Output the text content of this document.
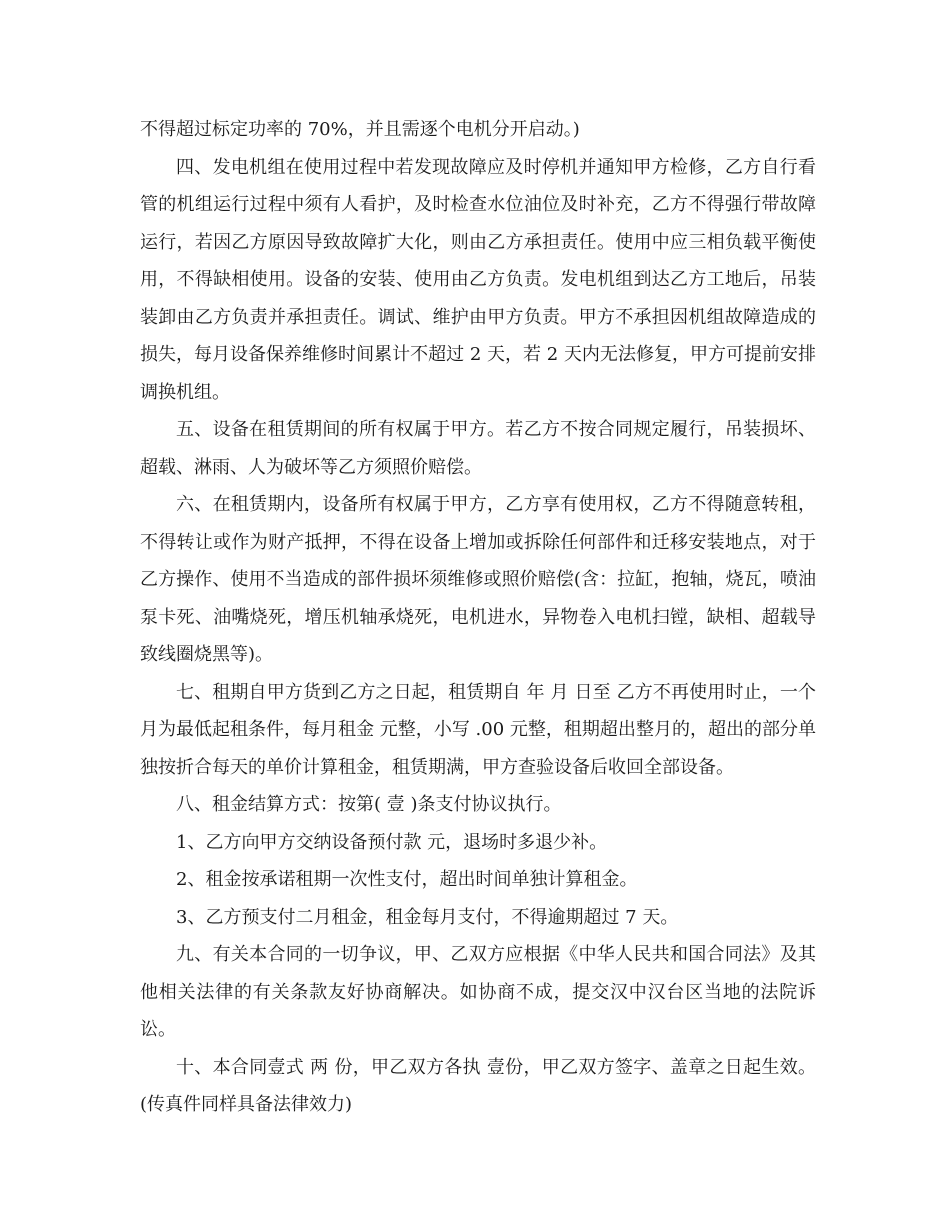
不得超过标定功率的 70%，并且需逐个电机分开启动。)

四、发电机组在使用过程中若发现故障应及时停机并通知甲方检修，乙方自行看管的机组运行过程中须有人看护，及时检查水位油位及时补充，乙方不得强行带故障运行，若因乙方原因导致故障扩大化，则由乙方承担责任。使用中应三相负载平衡使用，不得缺相使用。设备的安装、使用由乙方负责。发电机组到达乙方工地后，吊装装卸由乙方负责并承担责任。调试、维护由甲方负责。甲方不承担因机组故障造成的损失，每月设备保养维修时间累计不超过 2 天，若 2 天内无法修复，甲方可提前安排调换机组。

五、设备在租赁期间的所有权属于甲方。若乙方不按合同规定履行，吊装损坏、超载、淋雨、人为破坏等乙方须照价赔偿。

六、在租赁期内，设备所有权属于甲方，乙方享有使用权，乙方不得随意转租，不得转让或作为财产抵押，不得在设备上增加或拆除任何部件和迁移安装地点，对于乙方操作、使用不当造成的部件损坏须维修或照价赔偿(含：拉缸，抱轴，烧瓦，喷油泵卡死、油嘴烧死，增压机轴承烧死，电机进水，异物卷入电机扫镗，缺相、超载导致线圈烧黑等)。

七、租期自甲方货到乙方之日起，租赁期自 年 月 日至 乙方不再使用时止，一个月为最低起租条件，每月租金 元整，小写 .00 元整，租期超出整月的，超出的部分单独按折合每天的单价计算租金，租赁期满，甲方查验设备后收回全部设备。

八、租金结算方式：按第( 壹 )条支付协议执行。

1、乙方向甲方交纳设备预付款 元，退场时多退少补。

2、租金按承诺租期一次性支付，超出时间单独计算租金。

3、乙方预支付二月租金，租金每月支付，不得逾期超过 7 天。

九、有关本合同的一切争议，甲、乙双方应根据《中华人民共和国合同法》及其他相关法律的有关条款友好协商解决。如协商不成，提交汉中汉台区当地的法院诉讼。

十、本合同壹式 两 份，甲乙双方各执 壹份，甲乙双方签字、盖章之日起生效。(传真件同样具备法律效力)
